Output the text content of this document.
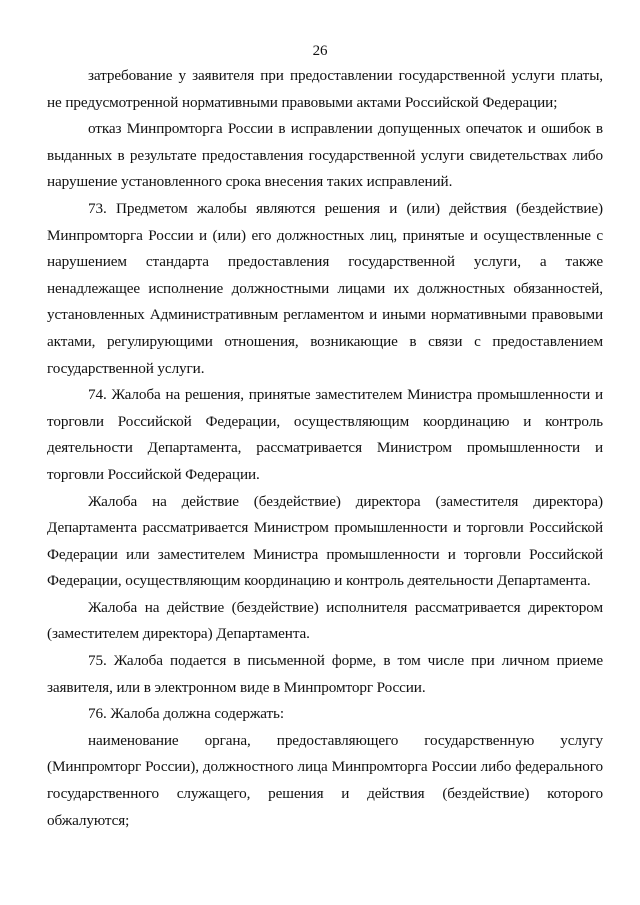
26

затребование у заявителя при предоставлении государственной услуги платы, не предусмотренной нормативными правовыми актами Российской Федерации;

отказ Минпромторга России в исправлении допущенных опечаток и ошибок в выданных в результате предоставления государственной услуги свидетельствах либо нарушение установленного срока внесения таких исправлений.

73. Предметом жалобы являются решения и (или) действия (бездействие) Минпромторга России и (или) его должностных лиц, принятые и осуществленные с нарушением стандарта предоставления государственной услуги, а также ненадлежащее исполнение должностными лицами их должностных обязанностей, установленных Административным регламентом и иными нормативными правовыми актами, регулирующими отношения, возникающие в связи с предоставлением государственной услуги.

74. Жалоба на решения, принятые заместителем Министра промышленности и торговли Российской Федерации, осуществляющим координацию и контроль деятельности Департамента, рассматривается Министром промышленности и торговли Российской Федерации.

Жалоба на действие (бездействие) директора (заместителя директора) Департамента рассматривается Министром промышленности и торговли Российской Федерации или заместителем Министра промышленности и торговли Российской Федерации, осуществляющим координацию и контроль деятельности Департамента.

Жалоба на действие (бездействие) исполнителя рассматривается директором (заместителем директора) Департамента.

75. Жалоба подается в письменной форме, в том числе при личном приеме заявителя, или в электронном виде в Минпромторг России.

76. Жалоба должна содержать:

наименование органа, предоставляющего государственную услугу (Минпромторг России), должностного лица Минпромторга России либо федерального государственного служащего, решения и действия (бездействие) которого обжалуются;
